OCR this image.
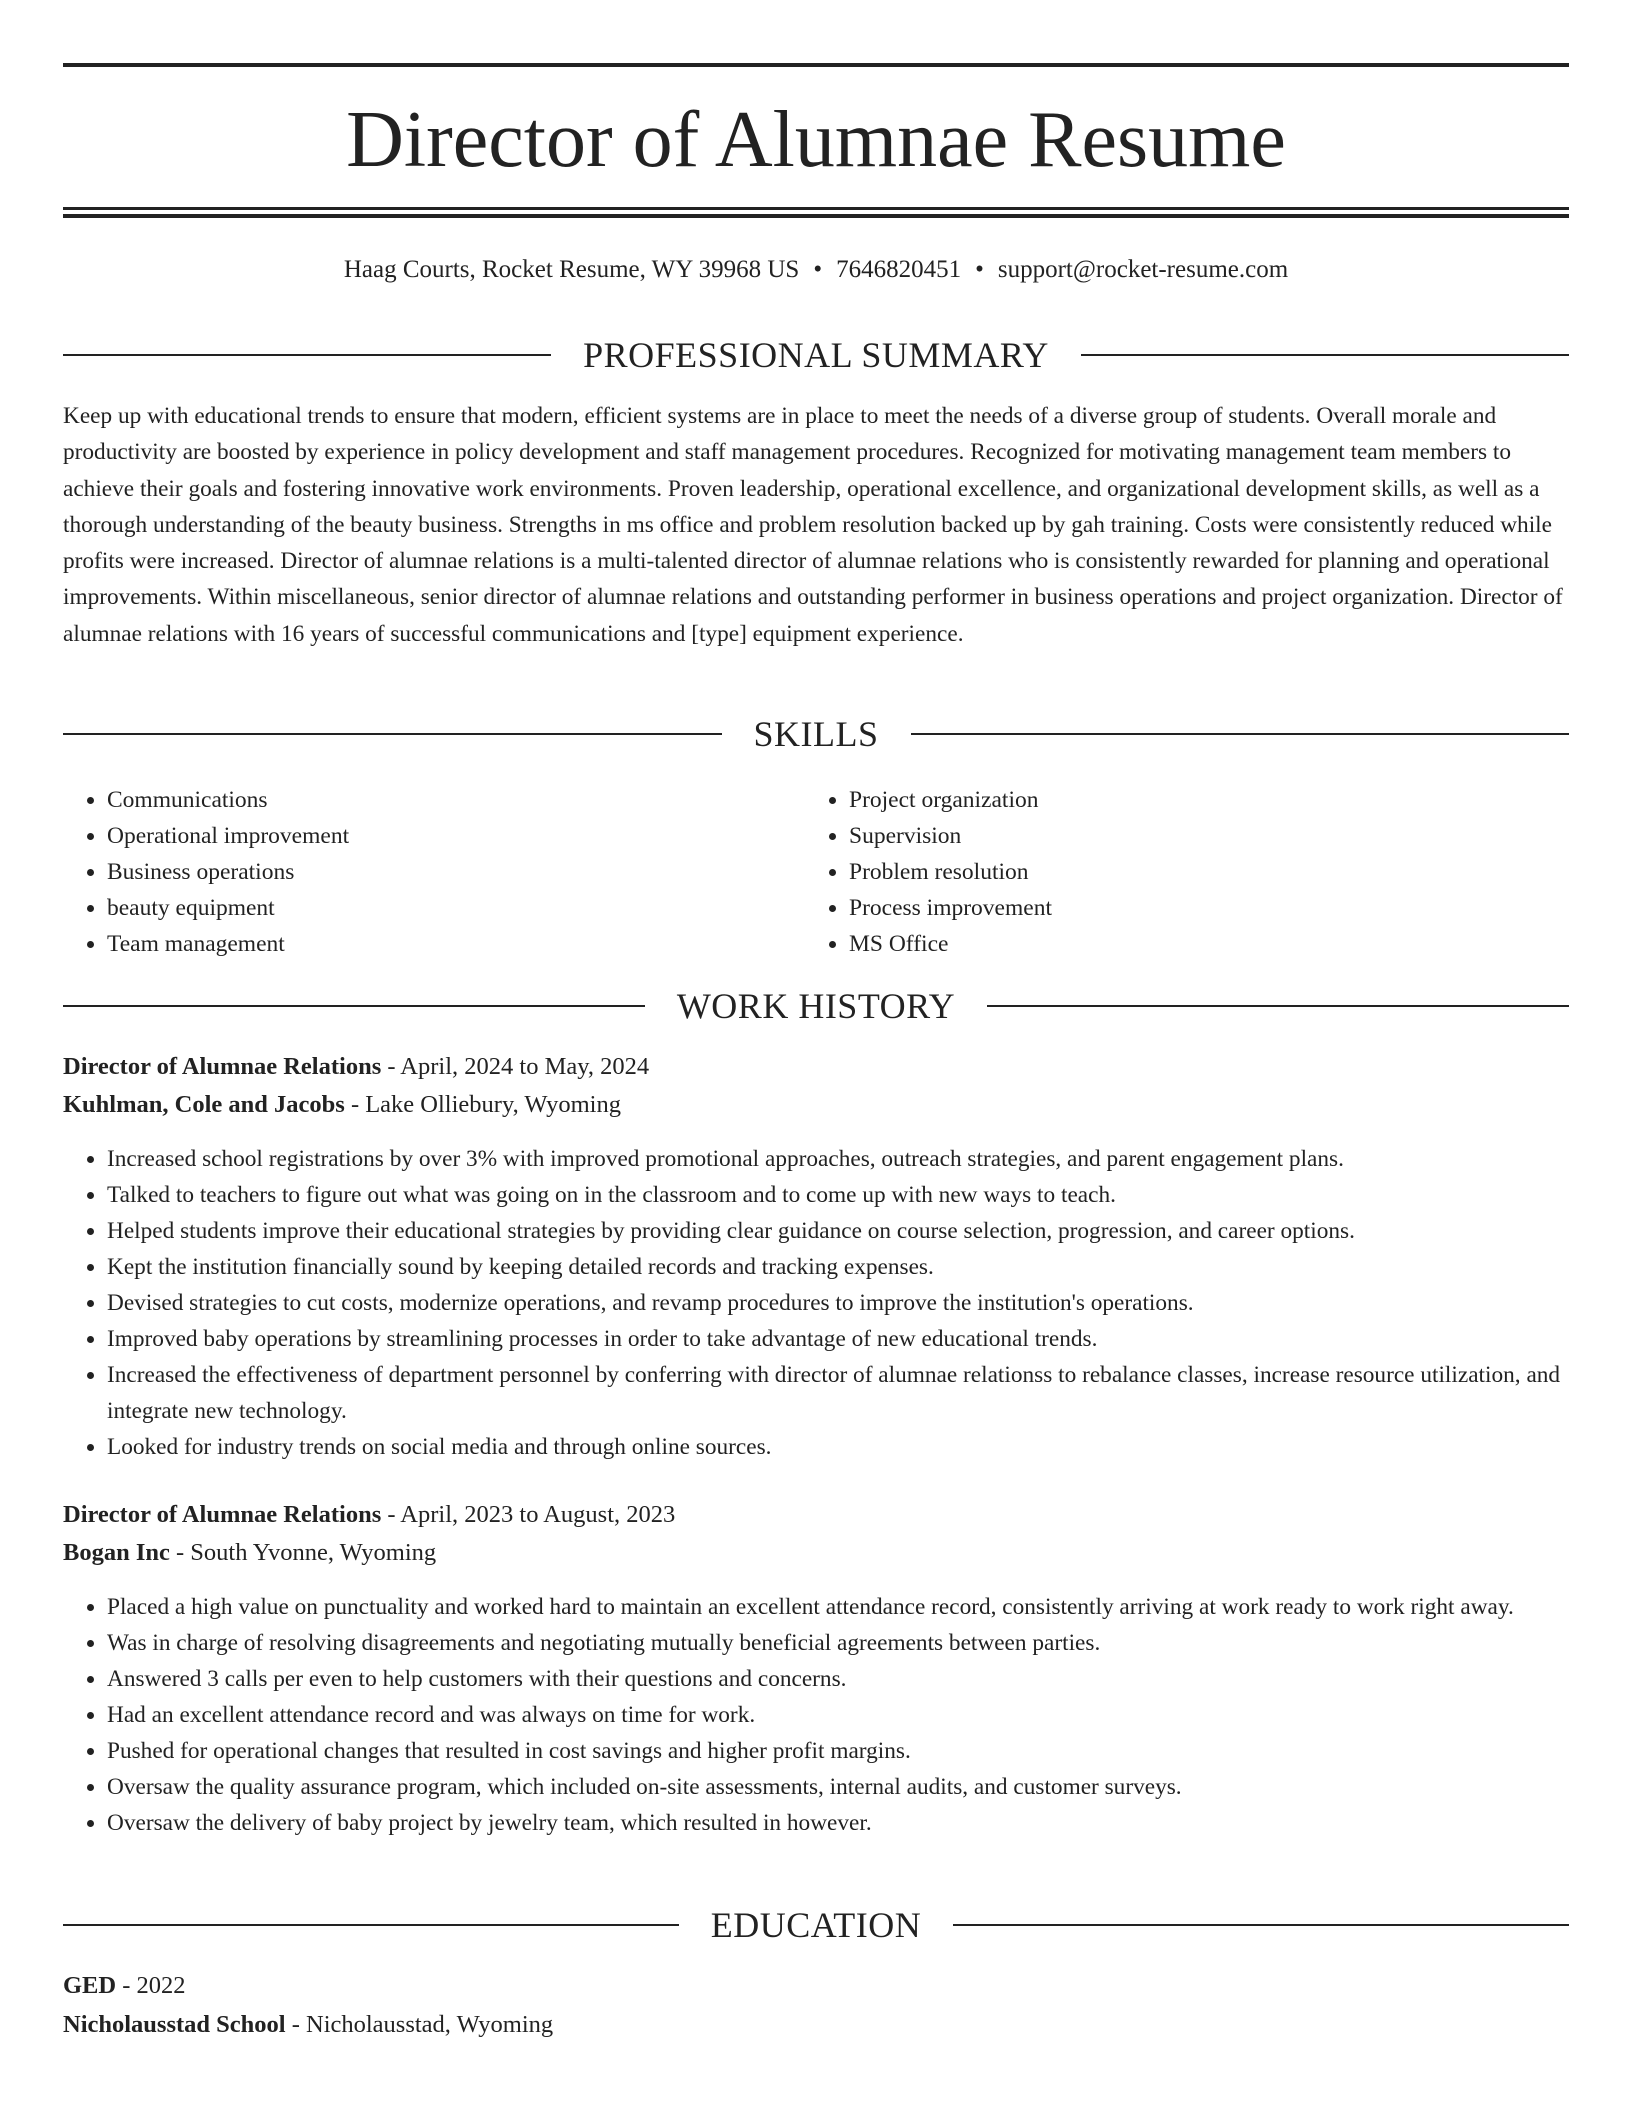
Director of Alumnae Resume
Haag Courts, Rocket Resume, WY 39968 US • 7646820451 • support@rocket-resume.com
PROFESSIONAL SUMMARY

Keep up with educational trends to ensure that modern, efficient systems are in place to meet the needs of a diverse group of students. Overall morale and productivity are boosted by experience in policy development and staff management procedures. Recognized for motivating management team members to achieve their goals and fostering innovative work environments. Proven leadership, operational excellence, and organizational development skills, as well as a thorough understanding of the beauty business. Strengths in ms office and problem resolution backed up by gah training. Costs were consistently reduced while profits were increased. Director of alumnae relations is a multi-talented director of alumnae relations who is consistently rewarded for planning and operational improvements. Within miscellaneous, senior director of alumnae relations and outstanding performer in business operations and project organization. Director of alumnae relations with 16 years of successful communications and [type] equipment experience.

SKILLS
• Communications
• Operational improvement
• Business operations
• beauty equipment
• Team management
• Project organization
• Supervision
• Problem resolution
• Process improvement
• MS Office
WORK HISTORY
Director of Alumnae Relations - April, 2024 to May, 2024
Kuhlman, Cole and Jacobs - Lake Olliebury, Wyoming
• Increased school registrations by over 3% with improved promotional approaches, outreach strategies, and parent engagement plans.
• Talked to teachers to figure out what was going on in the classroom and to come up with new ways to teach.
• Helped students improve their educational strategies by providing clear guidance on course selection, progression, and career options.
• Kept the institution financially sound by keeping detailed records and tracking expenses.
• Devised strategies to cut costs, modernize operations, and revamp procedures to improve the institution's operations.
• Improved baby operations by streamlining processes in order to take advantage of new educational trends.
• Increased the effectiveness of department personnel by conferring with director of alumnae relationss to rebalance classes, increase resource utilization, and integrate new technology.
• Looked for industry trends on social media and through online sources.
Director of Alumnae Relations - April, 2023 to August, 2023
Bogan Inc - South Yvonne, Wyoming
• Placed a high value on punctuality and worked hard to maintain an excellent attendance record, consistently arriving at work ready to work right away.
• Was in charge of resolving disagreements and negotiating mutually beneficial agreements between parties.
• Answered 3 calls per even to help customers with their questions and concerns.
• Had an excellent attendance record and was always on time for work.
• Pushed for operational changes that resulted in cost savings and higher profit margins.
• Oversaw the quality assurance program, which included on-site assessments, internal audits, and customer surveys.
• Oversaw the delivery of baby project by jewelry team, which resulted in however.
EDUCATION
GED - 2022
Nicholausstad School - Nicholausstad, Wyoming
